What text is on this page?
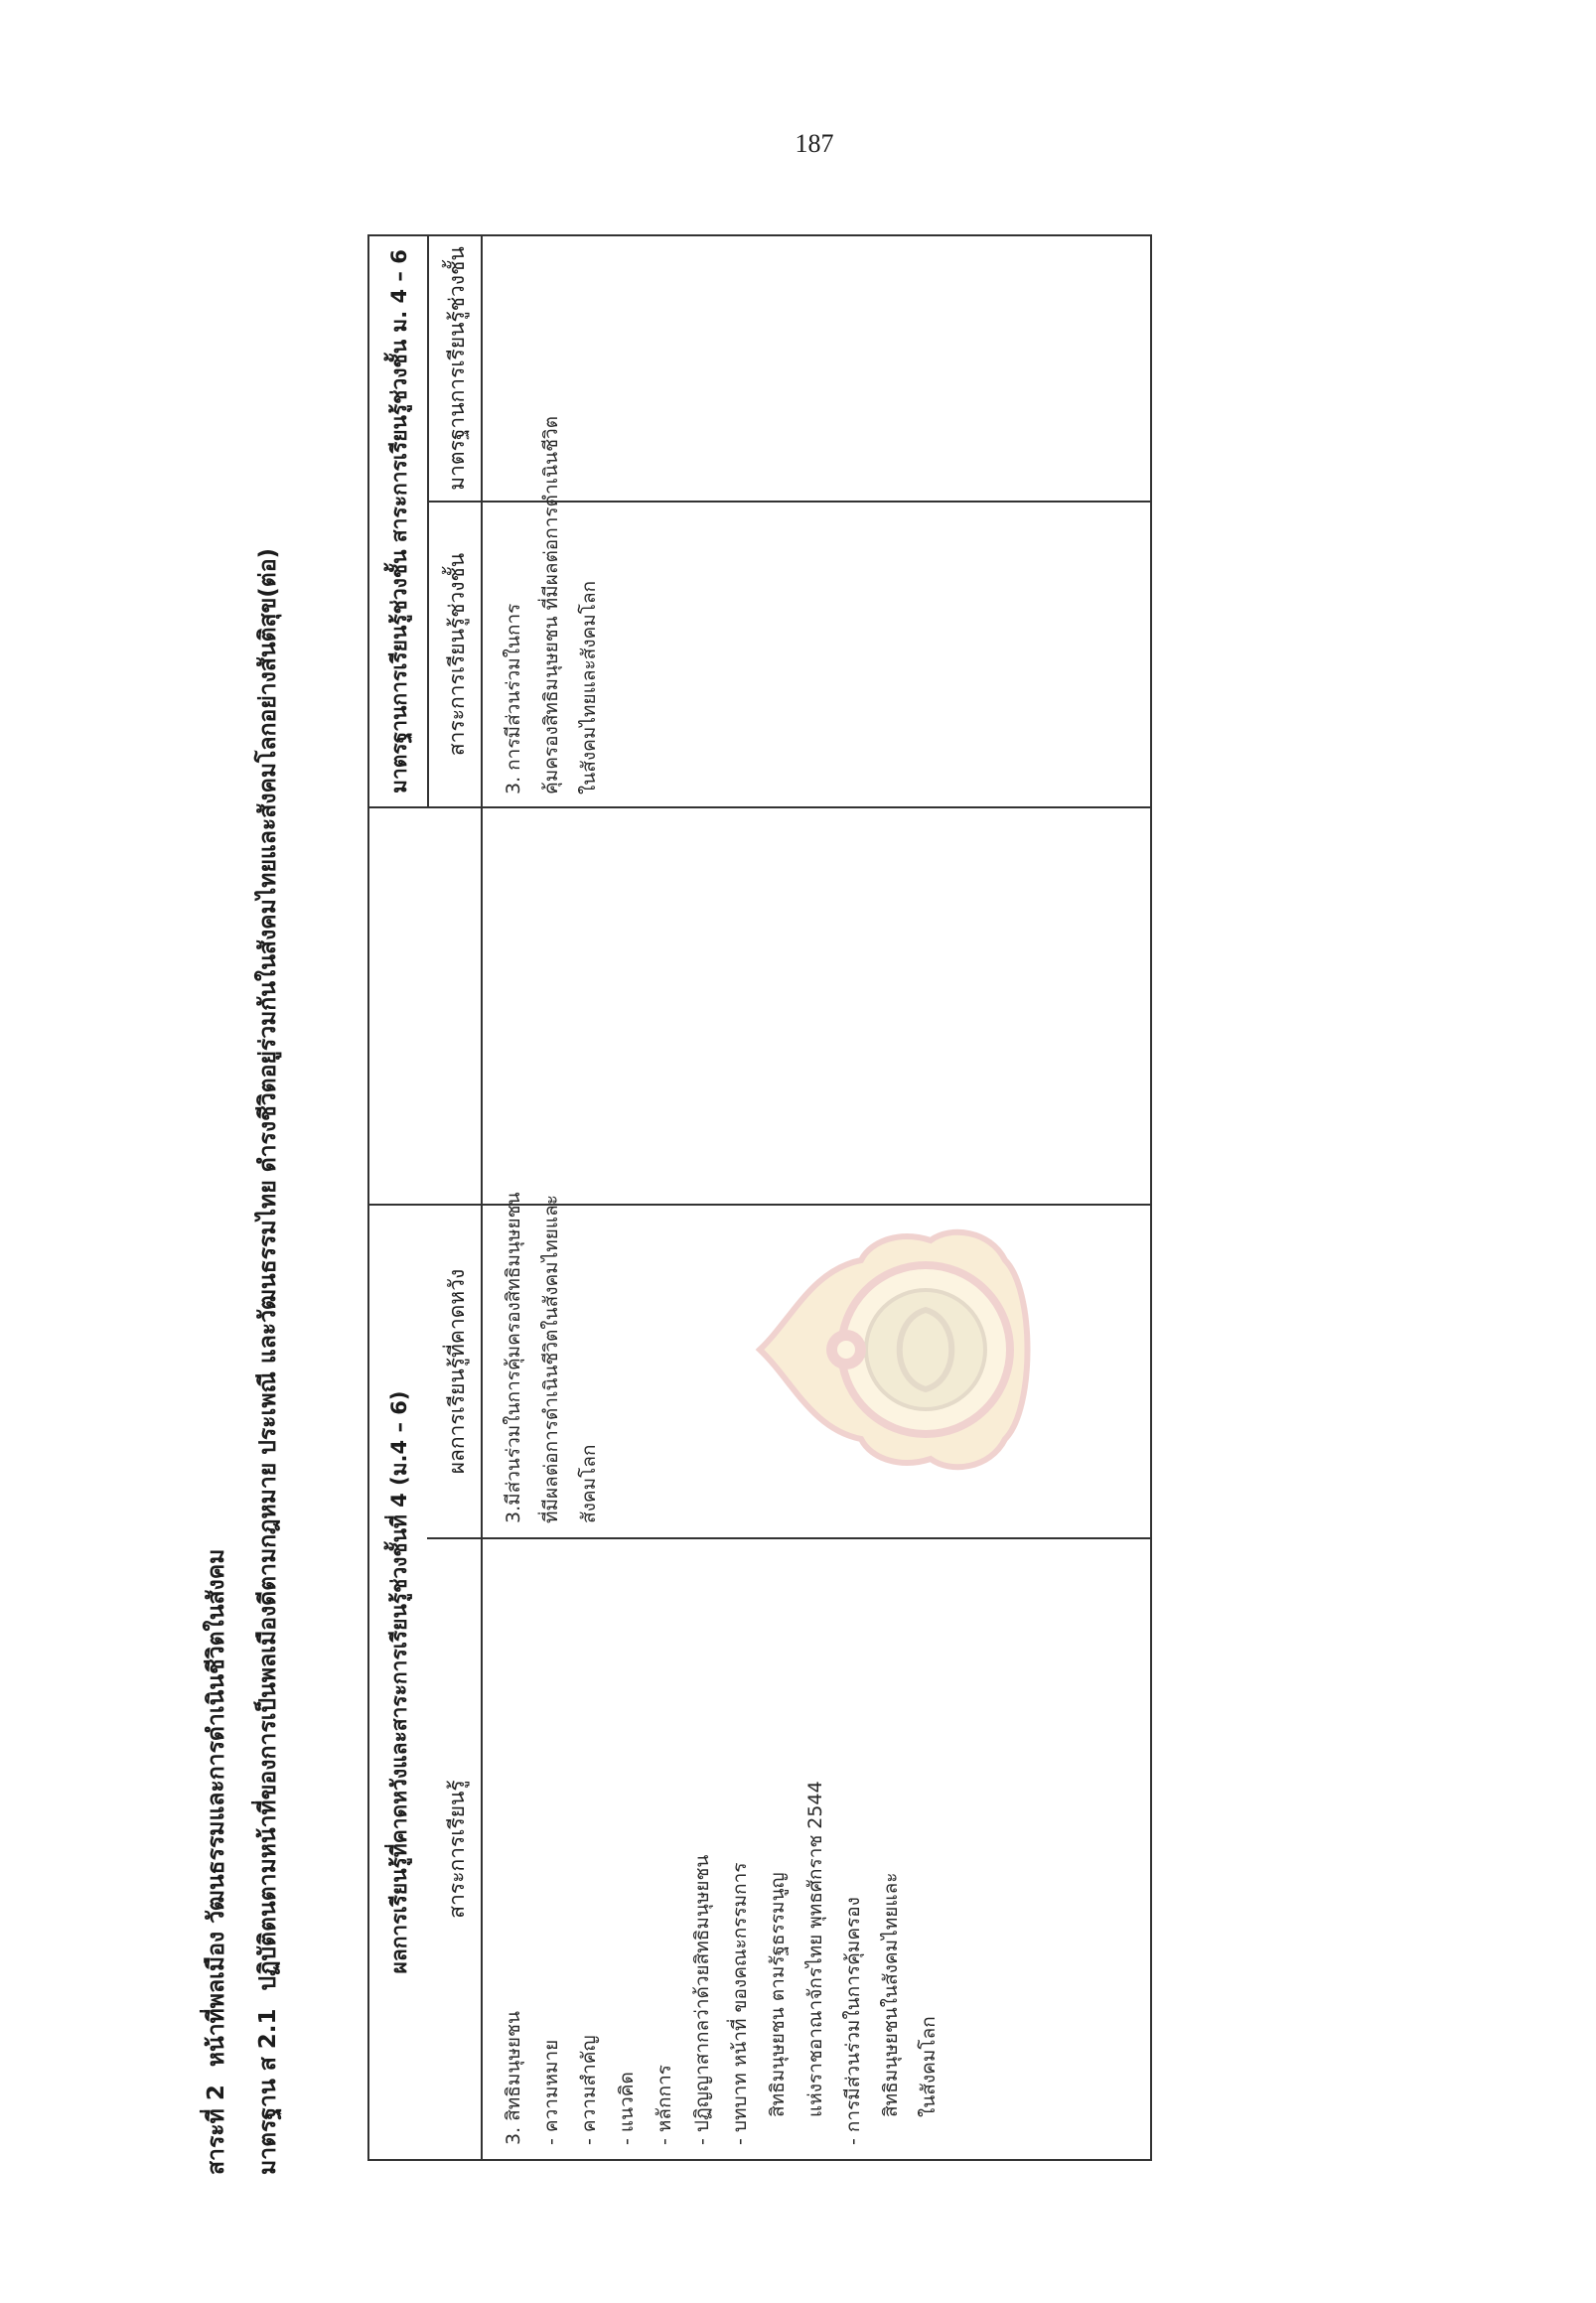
187
สาระที่ 2หน้าที่พลเมือง วัฒนธรรมและการดำเนินชีวิตในสังคม
มาตรฐาน ส 2.1ปฏิบัติตนตามหน้าที่ของการเป็นพลเมืองดีตามกฎหมาย ประเพณี และวัฒนธรรมไทย ดำรงชีวิตอยู่ร่วมกันในสังคมไทยและสังคมโลกอย่างสันติสุข(ต่อ)
มาตรฐานการเรียนรู้ช่วงชั้น สาระการเรียนรู้ช่วงชั้น ม. 4 – 6
ผลการเรียนรู้ที่คาดหวังและสาระการเรียนรู้ช่วงชั้นที่ 4 (ม.4 – 6)
มาตรฐานการเรียนรู้ช่วงชั้น
สาระการเรียนรู้ช่วงชั้น
ผลการเรียนรู้ที่คาดหวัง
สาระการเรียนรู้
3. การมีส่วนร่วมในการ คุ้มครองสิทธิมนุษยชน ที่มีผลต่อการดำเนินชีวิต ในสังคมไทยและสังคมโลก
3.มีส่วนร่วมในการคุ้มครองสิทธิมนุษยชน ที่มีผลต่อการดำเนินชีวิตในสังคมไทยและ สังคมโลก
3. สิทธิมนุษยชน - ความหมาย - ความสำคัญ - แนวคิด - หลักการ - ปฏิญญาสากลว่าด้วยสิทธิมนุษยชน - บทบาท หน้าที่ ของคณะกรรมการ สิทธิมนุษยชน ตามรัฐธรรมนูญ แห่งราชอาณาจักรไทย พุทธศักราช 2544 - การมีส่วนร่วมในการคุ้มครอง สิทธิมนุษยชนในสังคมไทยและ ในสังคมโลก
